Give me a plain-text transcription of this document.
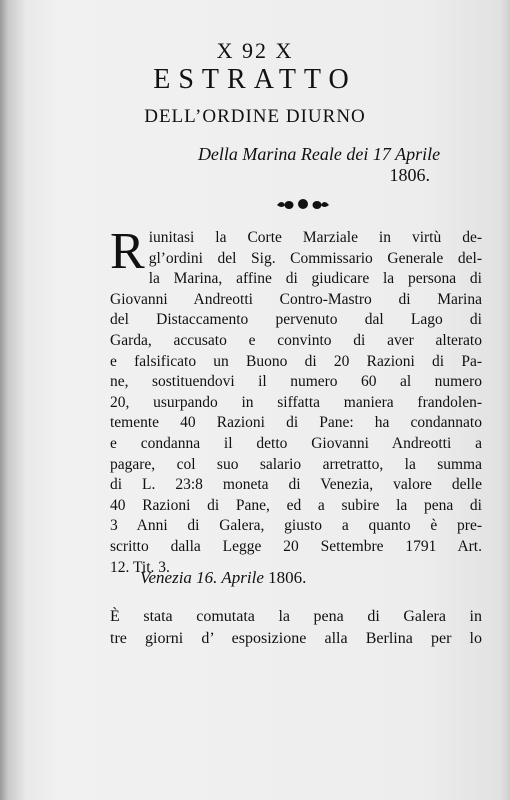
X 92 X
ESTRATTO
DELL’ORDINE DIURNO
Della Marina Reale dei 17 Aprile
1806.
R iunitasi la Corte Marziale in virtù de-
gl’ordini del Sig. Commissario Generale del-
la Marina, affine di giudicare la persona di
Giovanni Andreotti Contro-Mastro di Marina
del Distaccamento pervenuto dal Lago di
Garda, accusato e convinto di aver alterato
e falsificato un Buono di 20 Razioni di Pa-
ne, sostituendovi il numero 60 al numero
20, usurpando in siffatta maniera frandolen-
temente 40 Razioni di Pane: ha condannato
e condanna il detto Giovanni Andreotti a
pagare, col suo salario arretratto, la summa
di L. 23:8 moneta di Venezia, valore delle
40 Razioni di Pane, ed a subire la pena di
3 Anni di Galera, giusto a quanto è pre-
scritto dalla Legge 20 Settembre 1791 Art.
12. Tit. 3.
Venezia 16. Aprile 1806.
È stata comutata la pena di Galera in
tre giorni d’ esposizione alla Berlina per lo
